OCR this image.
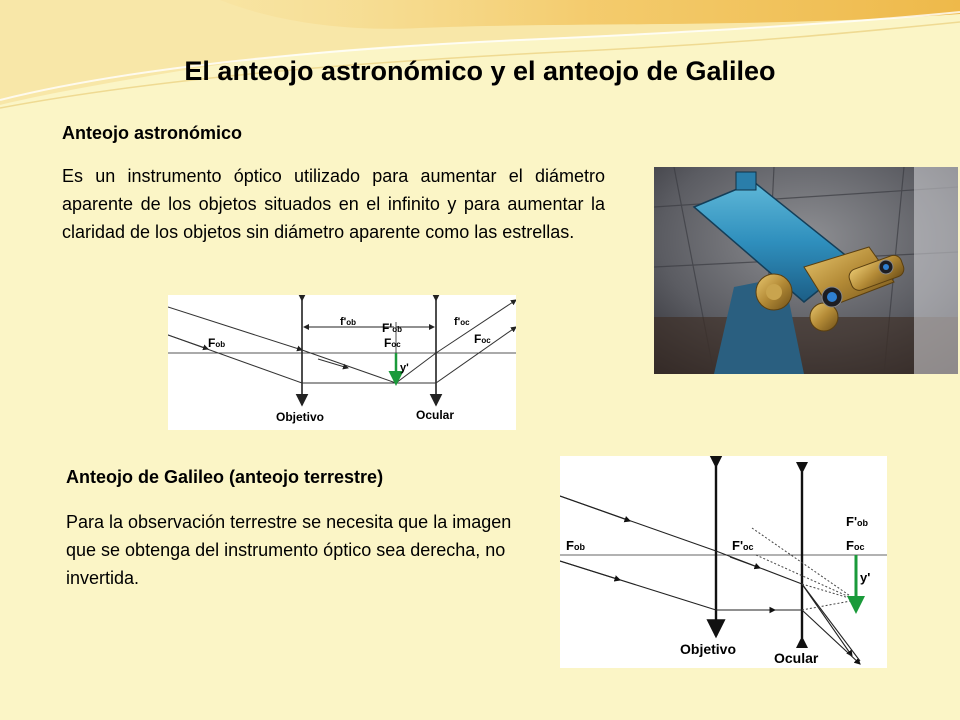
El anteojo astronómico y el anteojo de Galileo
Anteojo astronómico

Es un instrumento óptico utilizado para aumentar el diámetro aparente de los objetos situados en el infinito y para aumentar la claridad de los objetos sin diámetro aparente como las estrellas.

f'ob	f'oc
F'ob
Foc
Fob	Foc
y'
Objetivo	Ocular
Anteojo de Galileo (anteojo terrestre)

Para la observación terrestre se necesita que la imagen que se obtenga del instrumento óptico sea derecha, no invertida.

Fob	F'oc
F'ob
Foc
y'
Objetivo
Ocular
